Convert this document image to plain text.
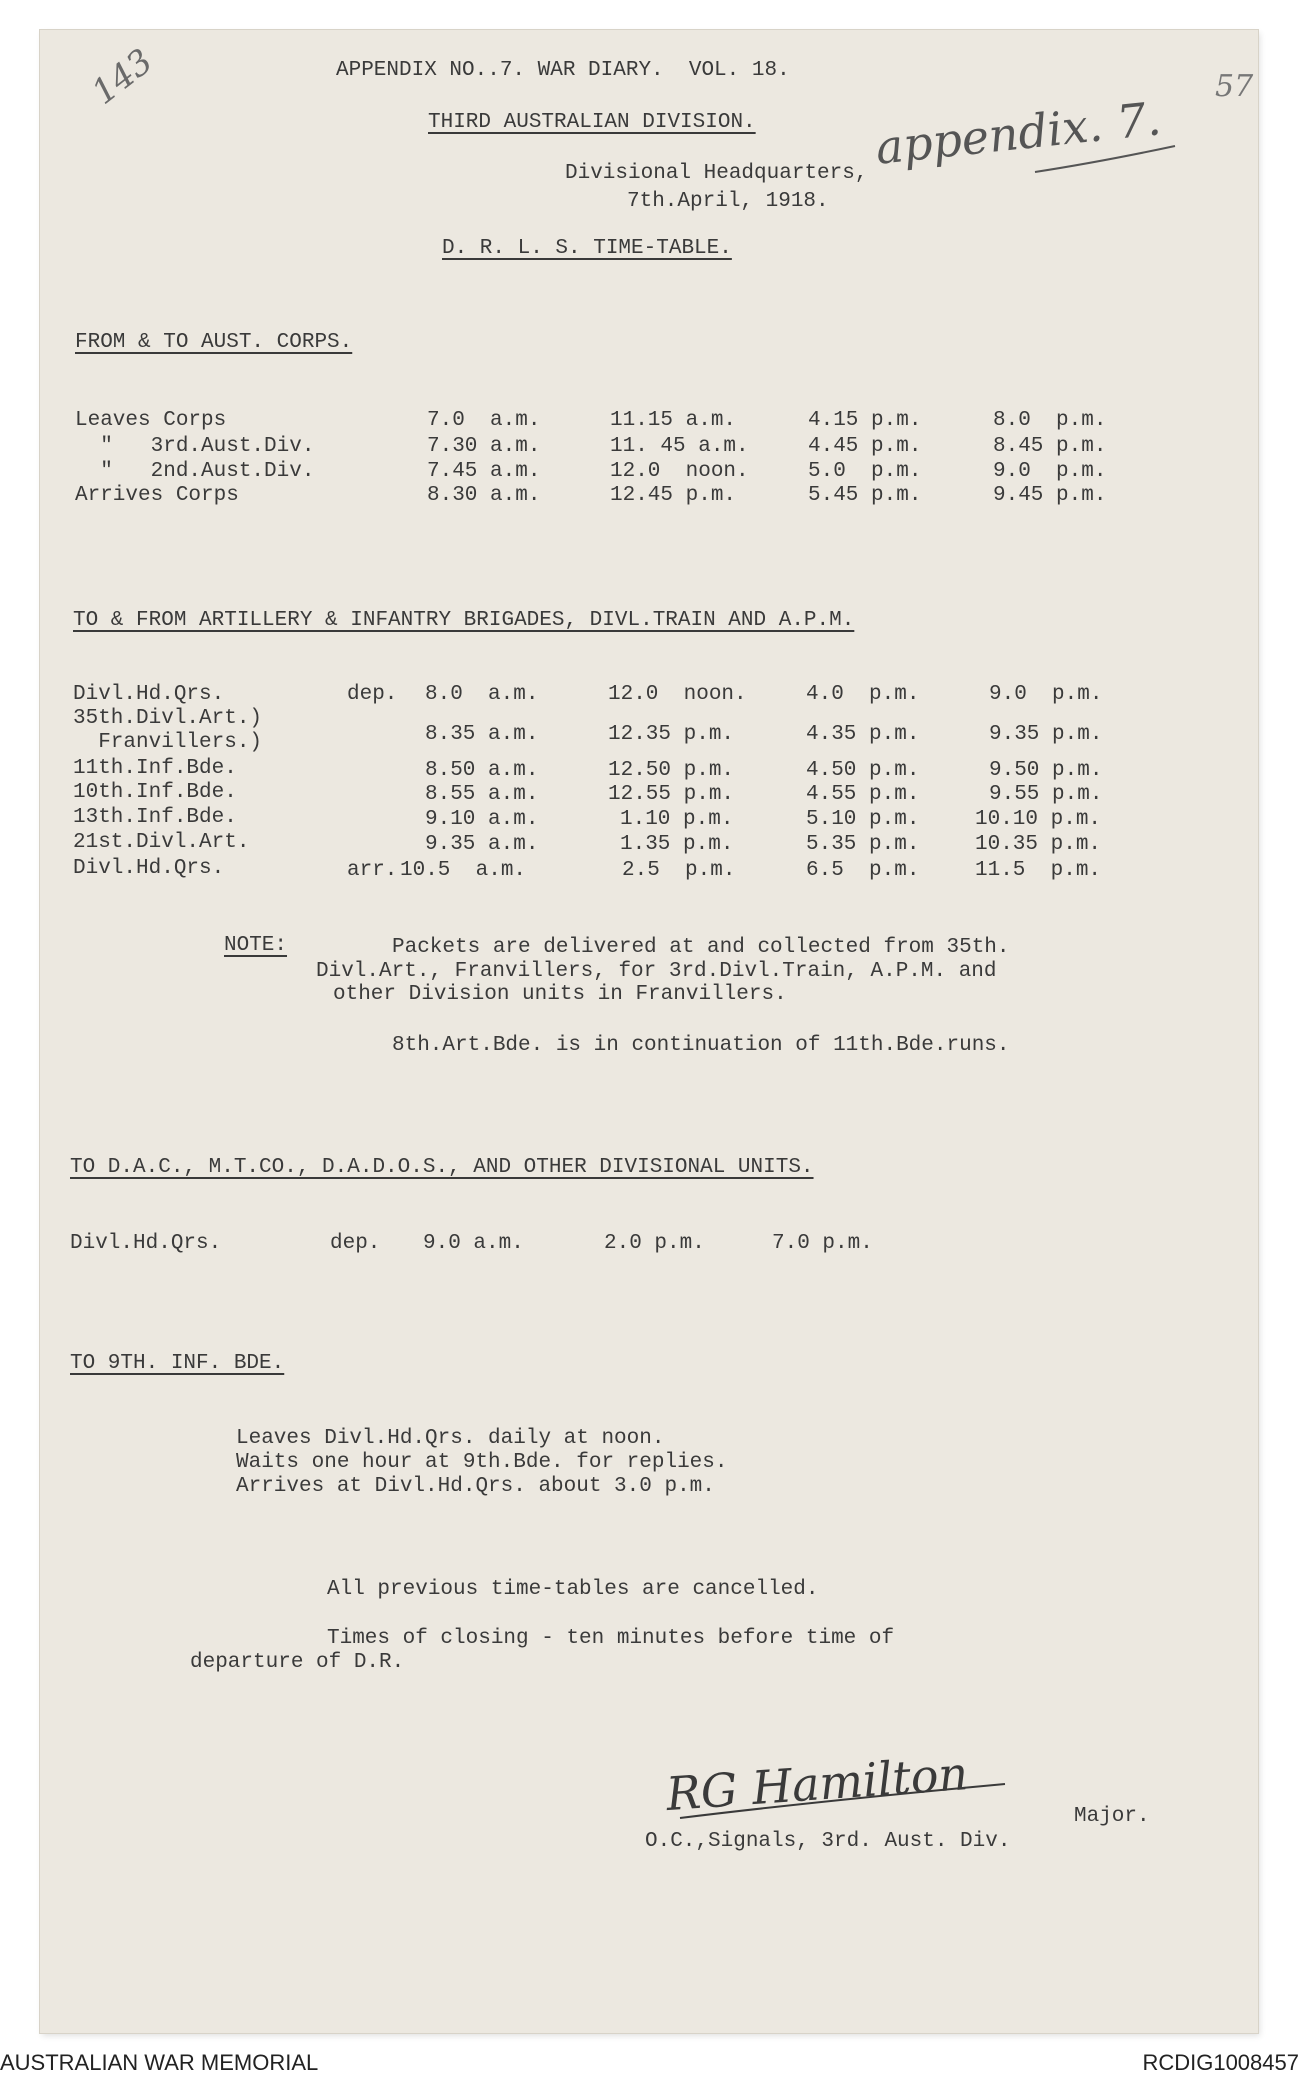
143	57
appendix. 7.
APPENDIX NO..7. WAR DIARY.  VOL. 18.
THIRD AUSTRALIAN DIVISION.
Divisional Headquarters,
7th.April, 1918.
D. R. L. S. TIME-TABLE.
FROM & TO AUST. CORPS.
Leaves Corps	7.0  a.m.	11.15 a.m.	4.15 p.m.	8.0  p.m.
"   3rd.Aust.Div.	7.30 a.m.	11. 45 a.m.	4.45 p.m.	8.45 p.m.
"   2nd.Aust.Div.	7.45 a.m.	12.0  noon.	5.0  p.m.	9.0  p.m.
Arrives Corps	8.30 a.m.	12.45 p.m.	5.45 p.m.	9.45 p.m.
TO & FROM ARTILLERY & INFANTRY BRIGADES, DIVL.TRAIN AND A.P.M.
Divl.Hd.Qrs.	dep. 8.0  a.m.	12.0  noon.	4.0  p.m.	9.0  p.m.
35th.Divl.Art.)
Franvillers.)	8.35 a.m.	12.35 p.m.	4.35 p.m.	9.35 p.m.
11th.Inf.Bde.	8.50 a.m.	12.50 p.m.	4.50 p.m.	9.50 p.m.
10th.Inf.Bde.	8.55 a.m.	12.55 p.m.	4.55 p.m.	9.55 p.m.
13th.Inf.Bde.	9.10 a.m.	1.10 p.m.	5.10 p.m.	10.10 p.m.
21st.Divl.Art.	9.35 a.m.	1.35 p.m.	5.35 p.m.	10.35 p.m.
Divl.Hd.Qrs.	arr. 10.5  a.m.	2.5  p.m.	6.5  p.m.	11.5  p.m.
NOTE:	Packets are delivered at and collected from 35th.
Divl.Art., Franvillers, for 3rd.Divl.Train, A.P.M. and
other Division units in Franvillers.
8th.Art.Bde. is in continuation of 11th.Bde.runs.
TO D.A.C., M.T.CO., D.A.D.O.S., AND OTHER DIVISIONAL UNITS.
Divl.Hd.Qrs.	dep. 9.0 a.m.	2.0 p.m.	7.0 p.m.
TO 9TH. INF. BDE.
Leaves Divl.Hd.Qrs. daily at noon.
Waits one hour at 9th.Bde. for replies.
Arrives at Divl.Hd.Qrs. about 3.0 p.m.
All previous time-tables are cancelled.
Times of closing - ten minutes before time of
departure of D.R.
RG Hamilton	Major.
O.C.,Signals, 3rd. Aust. Div.
AUSTRALIAN WAR MEMORIAL	RCDIG1008457
